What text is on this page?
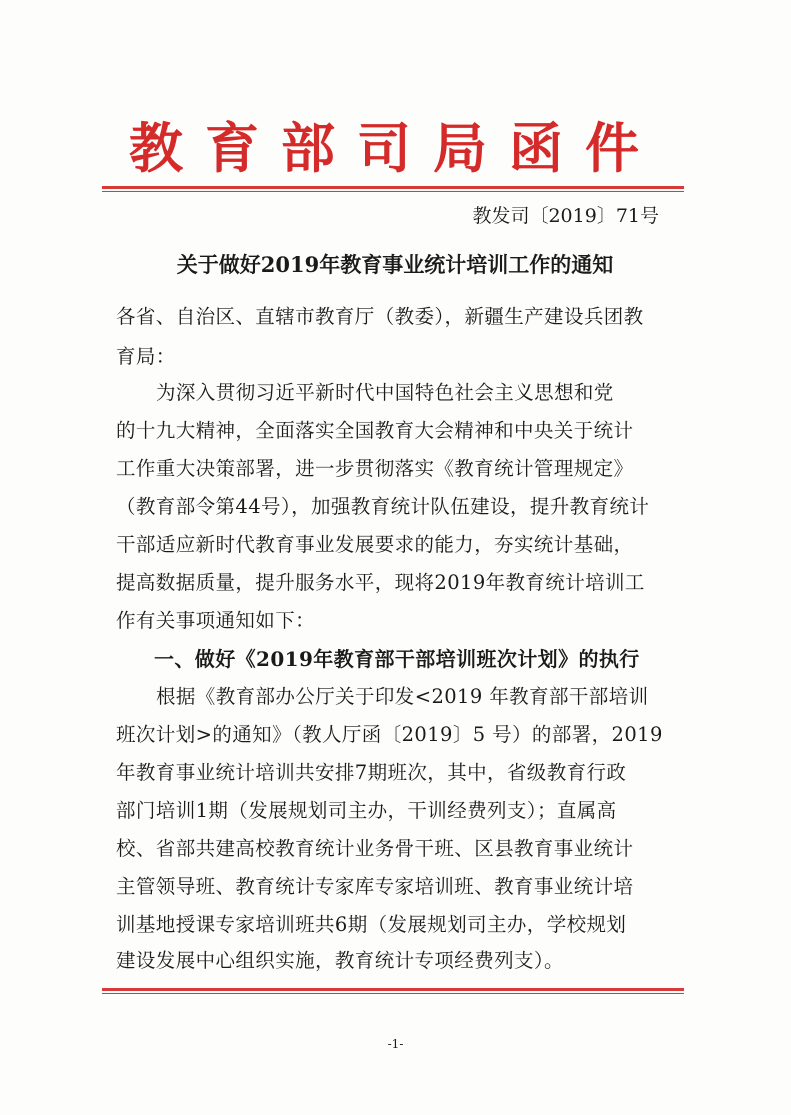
教育部司局函件
教发司〔2019〕71号
关于做好2019年教育事业统计培训工作的通知
各省、自治区、直辖市教育厅（教委），新疆生产建设兵团教
育局：
为深入贯彻习近平新时代中国特色社会主义思想和党
的十九大精神，全面落实全国教育大会精神和中央关于统计
工作重大决策部署，进一步贯彻落实《教育统计管理规定》
（教育部令第44号），加强教育统计队伍建设，提升教育统计
干部适应新时代教育事业发展要求的能力，夯实统计基础，
提高数据质量，提升服务水平，现将2019年教育统计培训工
作有关事项通知如下：
一、做好《2019年教育部干部培训班次计划》的执行
根据《教育部办公厅关于印发<2019 年教育部干部培训
班次计划>的通知》（教人厅函〔2019〕5 号）的部署，2019
年教育事业统计培训共安排7期班次，其中，省级教育行政
部门培训1期（发展规划司主办，干训经费列支）；直属高
校、省部共建高校教育统计业务骨干班、区县教育事业统计
主管领导班、教育统计专家库专家培训班、教育事业统计培
训基地授课专家培训班共6期（发展规划司主办，学校规划
建设发展中心组织实施，教育统计专项经费列支）。
-1-
